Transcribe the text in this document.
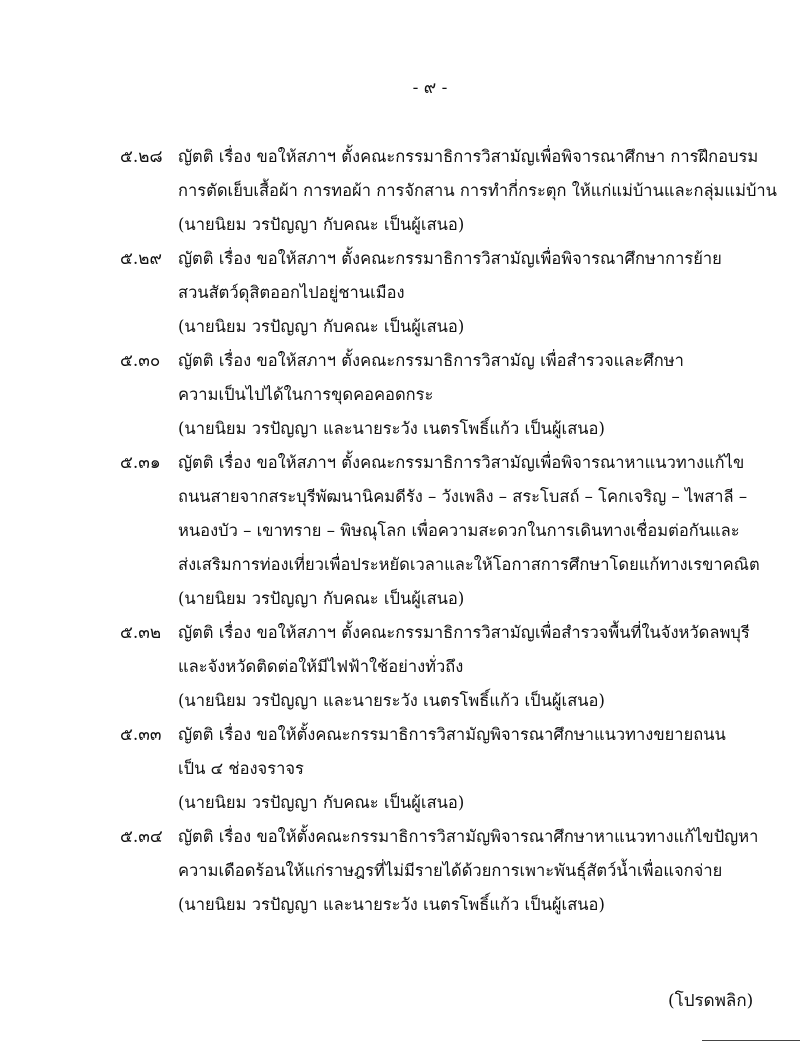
- ๙ -
๕.๒๘ ญัตติ เรื่อง ขอให้สภาฯ ตั้งคณะกรรมาธิการวิสามัญเพื่อพิจารณาศึกษา การฝึกอบรม
การตัดเย็บเสื้อผ้า การทอผ้า การจักสาน การทำกี่กระตุก ให้แก่แม่บ้านและกลุ่มแม่บ้าน
(นายนิยม วรปัญญา กับคณะ เป็นผู้เสนอ)
๕.๒๙ ญัตติ เรื่อง ขอให้สภาฯ ตั้งคณะกรรมาธิการวิสามัญเพื่อพิจารณาศึกษาการย้าย
สวนสัตว์ดุสิตออกไปอยู่ชานเมือง
(นายนิยม วรปัญญา กับคณะ เป็นผู้เสนอ)
๕.๓๐ ญัตติ เรื่อง ขอให้สภาฯ ตั้งคณะกรรมาธิการวิสามัญ เพื่อสำรวจและศึกษา
ความเป็นไปได้ในการขุดคอคอดกระ
(นายนิยม วรปัญญา และนายระวัง เนตรโพธิ์แก้ว เป็นผู้เสนอ)
๕.๓๑ ญัตติ เรื่อง ขอให้สภาฯ ตั้งคณะกรรมาธิการวิสามัญเพื่อพิจารณาหาแนวทางแก้ไข
ถนนสายจากสระบุรีพัฒนานิคมดีรัง – วังเพลิง – สระโบสถ์ – โคกเจริญ – ไพสาลี –
หนองบัว – เขาทราย – พิษณุโลก เพื่อความสะดวกในการเดินทางเชื่อมต่อกันและ
ส่งเสริมการท่องเที่ยวเพื่อประหยัดเวลาและให้โอกาสการศึกษาโดยแก้ทางเรขาคณิต
(นายนิยม วรปัญญา กับคณะ เป็นผู้เสนอ)
๕.๓๒ ญัตติ เรื่อง ขอให้สภาฯ ตั้งคณะกรรมาธิการวิสามัญเพื่อสำรวจพื้นที่ในจังหวัดลพบุรี
และจังหวัดติดต่อให้มีไฟฟ้าใช้อย่างทั่วถึง
(นายนิยม วรปัญญา และนายระวัง เนตรโพธิ์แก้ว เป็นผู้เสนอ)
๕.๓๓ ญัตติ เรื่อง ขอให้ตั้งคณะกรรมาธิการวิสามัญพิจารณาศึกษาแนวทางขยายถนน
เป็น ๔ ช่องจราจร
(นายนิยม วรปัญญา กับคณะ เป็นผู้เสนอ)
๕.๓๔ ญัตติ เรื่อง ขอให้ตั้งคณะกรรมาธิการวิสามัญพิจารณาศึกษาหาแนวทางแก้ไขปัญหา
ความเดือดร้อนให้แก่ราษฎรที่ไม่มีรายได้ด้วยการเพาะพันธุ์สัตว์น้ำเพื่อแจกจ่าย
(นายนิยม วรปัญญา และนายระวัง เนตรโพธิ์แก้ว เป็นผู้เสนอ)
(โปรดพลิก)
